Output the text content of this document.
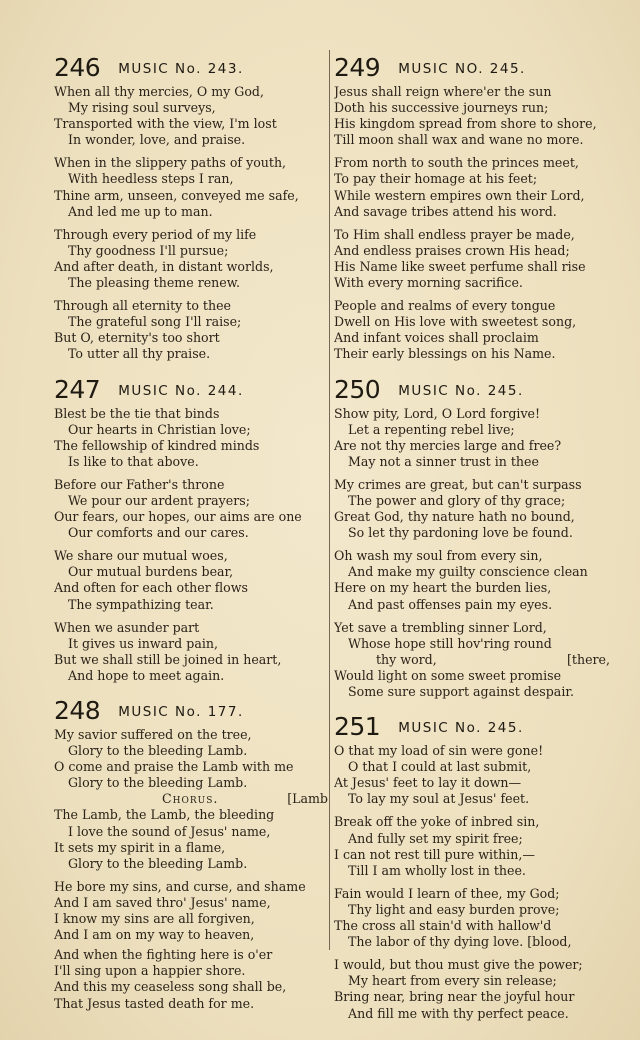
246 MUSIC No. 243.
When all thy mercies, O my God,
My rising soul surveys,
Transported with the view, I'm lost
In wonder, love, and praise.
When in the slippery paths of youth,
With heedless steps I ran,
Thine arm, unseen, conveyed me safe,
And led me up to man.
Through every period of my life
Thy goodness I'll pursue;
And after death, in distant worlds,
The pleasing theme renew.
Through all eternity to thee
The grateful song I'll raise;
But O, eternity's too short
To utter all thy praise.
247 MUSIC No. 244.
Blest be the tie that binds
Our hearts in Christian love;
The fellowship of kindred minds
Is like to that above.
Before our Father's throne
We pour our ardent prayers;
Our fears, our hopes, our aims are one
Our comforts and our cares.
We share our mutual woes,
Our mutual burdens bear,
And often for each other flows
The sympathizing tear.
When we asunder part
It gives us inward pain,
But we shall still be joined in heart,
And hope to meet again.
248 MUSIC No. 177.
My savior suffered on the tree,
Glory to the bleeding Lamb.
O come and praise the Lamb with me
Glory to the bleeding Lamb.
Chorus.	[Lamb
The Lamb, the Lamb, the bleeding
I love the sound of Jesus' name,
It sets my spirit in a flame,
Glory to the bleeding Lamb.
He bore my sins, and curse, and shame
And I am saved thro' Jesus' name,
I know my sins are all forgiven,
And I am on my way to heaven,
And when the fighting here is o'er
I'll sing upon a happier shore.
And this my ceaseless song shall be,
That Jesus tasted death for me.
249 MUSIC NO. 245.
Jesus shall reign where'er the sun
Doth his successive journeys run;
His kingdom spread from shore to shore,
Till moon shall wax and wane no more.
From north to south the princes meet,
To pay their homage at his feet;
While western empires own their Lord,
And savage tribes attend his word.
To Him shall endless prayer be made,
And endless praises crown His head;
His Name like sweet perfume shall rise
With every morning sacrifice.
People and realms of every tongue
Dwell on His love with sweetest song,
And infant voices shall proclaim
Their early blessings on his Name.
250 MUSIC No. 245.
Show pity, Lord, O Lord forgive!
Let a repenting rebel live;
Are not thy mercies large and free?
May not a sinner trust in thee
My crimes are great, but can't surpass
The power and glory of thy grace;
Great God, thy nature hath no bound,
So let thy pardoning love be found.
Oh wash my soul from every sin,
And make my guilty conscience clean
Here on my heart the burden lies,
And past offenses pain my eyes.
Yet save a trembling sinner Lord,
Whose hope still hov'ring round
thy word,	[there,
Would light on some sweet promise
Some sure support against despair.
251 MUSIC No. 245.
O that my load of sin were gone!
O that I could at last submit,
At Jesus' feet to lay it down—
To lay my soul at Jesus' feet.
Break off the yoke of inbred sin,
And fully set my spirit free;
I can not rest till pure within,—
Till I am wholly lost in thee.
Fain would I learn of thee, my God;
Thy light and easy burden prove;
The cross all stain'd with hallow'd
The labor of thy dying love. [blood,
I would, but thou must give the power;
My heart from every sin release;
Bring near, bring near the joyful hour
And fill me with thy perfect peace.
